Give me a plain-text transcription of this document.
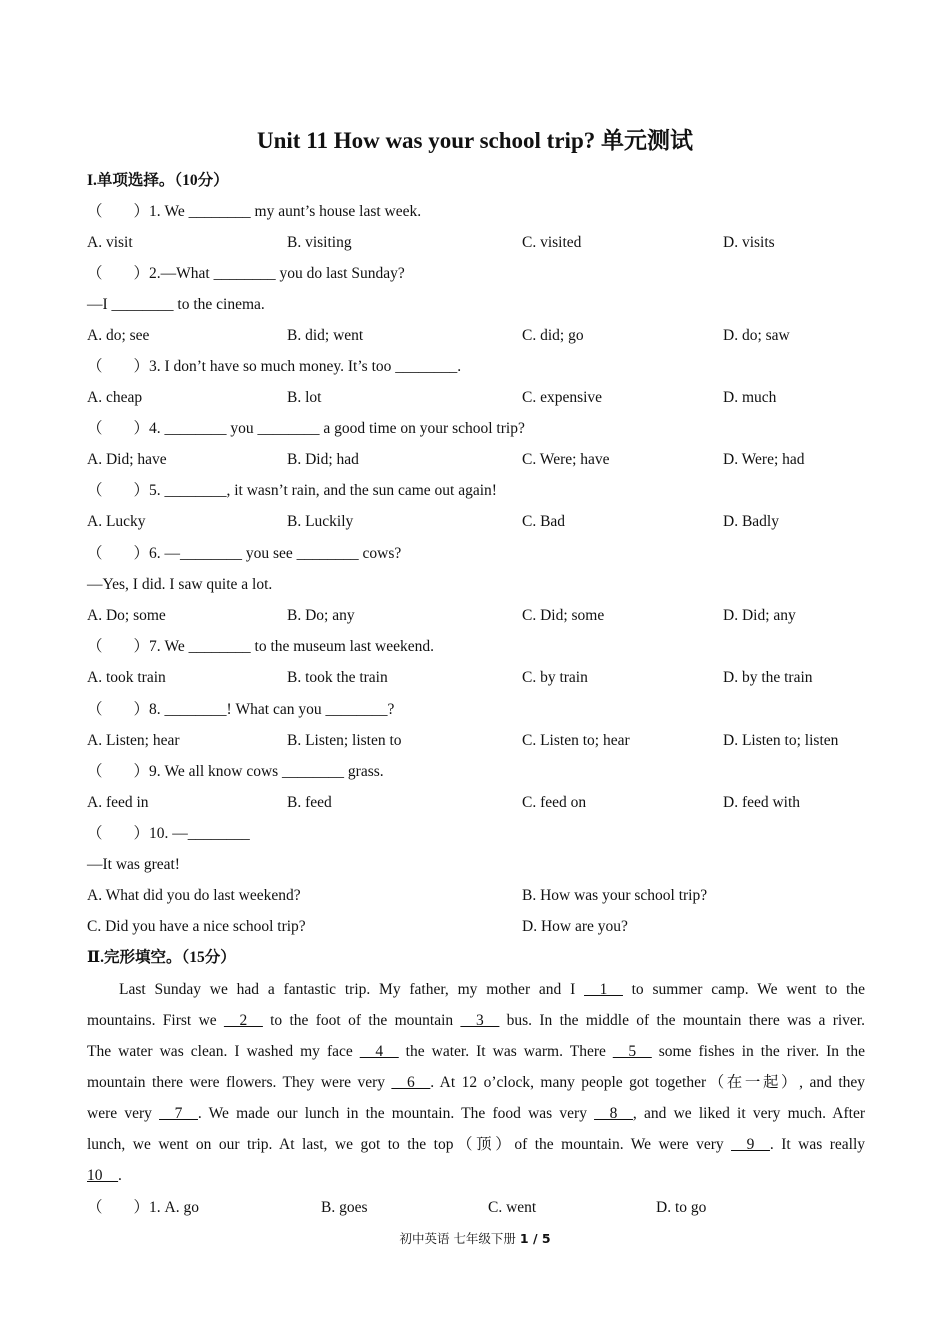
Unit 11 How was your school trip? 单元测试
I.单项选择。（10分）
（　　）1. We ________ my aunt’s house last week.
A. visit	B. visiting	C. visited	D. visits
（　　）2.—What ________ you do last Sunday?
—I ________ to the cinema.
A. do; see	B. did; went	C. did; go	D. do; saw
（　　）3. I don’t have so much money. It’s too ________.
A. cheap	B. lot	C. expensive	D. much
（　　）4. ________ you ________ a good time on your school trip?
A. Did; have	B. Did; had	C. Were; have	D. Were; had
（　　）5. ________, it wasn’t rain, and the sun came out again!
A. Lucky	B. Luckily	C. Bad	D. Badly
（　　）6. —________ you see ________ cows?
—Yes, I did. I saw quite a lot.
A. Do; some	B. Do; any	C. Did; some	D. Did; any
（　　）7. We ________ to the museum last weekend.
A. took train	B. took the train	C. by train	D. by the train
（　　）8. ________! What can you ________?
A. Listen; hear	B. Listen; listen to	C. Listen to; hear	D. Listen to; listen
（　　）9. We all know cows ________ grass.
A. feed in	B. feed	C. feed on	D. feed with
（　　）10. —________
—It was great!
A. What did you do last weekend?	B. How was your school trip?
C. Did you have a nice school trip?	D. How are you?
Ⅱ.完形填空。（15分）
Last Sunday we had a fantastic trip. My father, my mother and I __1__ to summer camp. We went to the
mountains. First we __2__ to the foot of the mountain __3__ bus. In the middle of the mountain there was a river.
The water was clean. I washed my face __4__ the water. It was warm. There __5__ some fishes in the river. In the
mountain there were flowers. They were very __6__. At 12 o’clock, many people got together（在一起）, and they
were very __7__. We made our lunch in the mountain. The food was very __8__, and we liked it very much. After
lunch, we went on our trip. At last, we got to the top（顶）of the mountain. We were very __9__. It was really
10__.
（　　）1. A. go	B. goes	C. went	D. to go
初中英语 七年级下册 1 / 5
